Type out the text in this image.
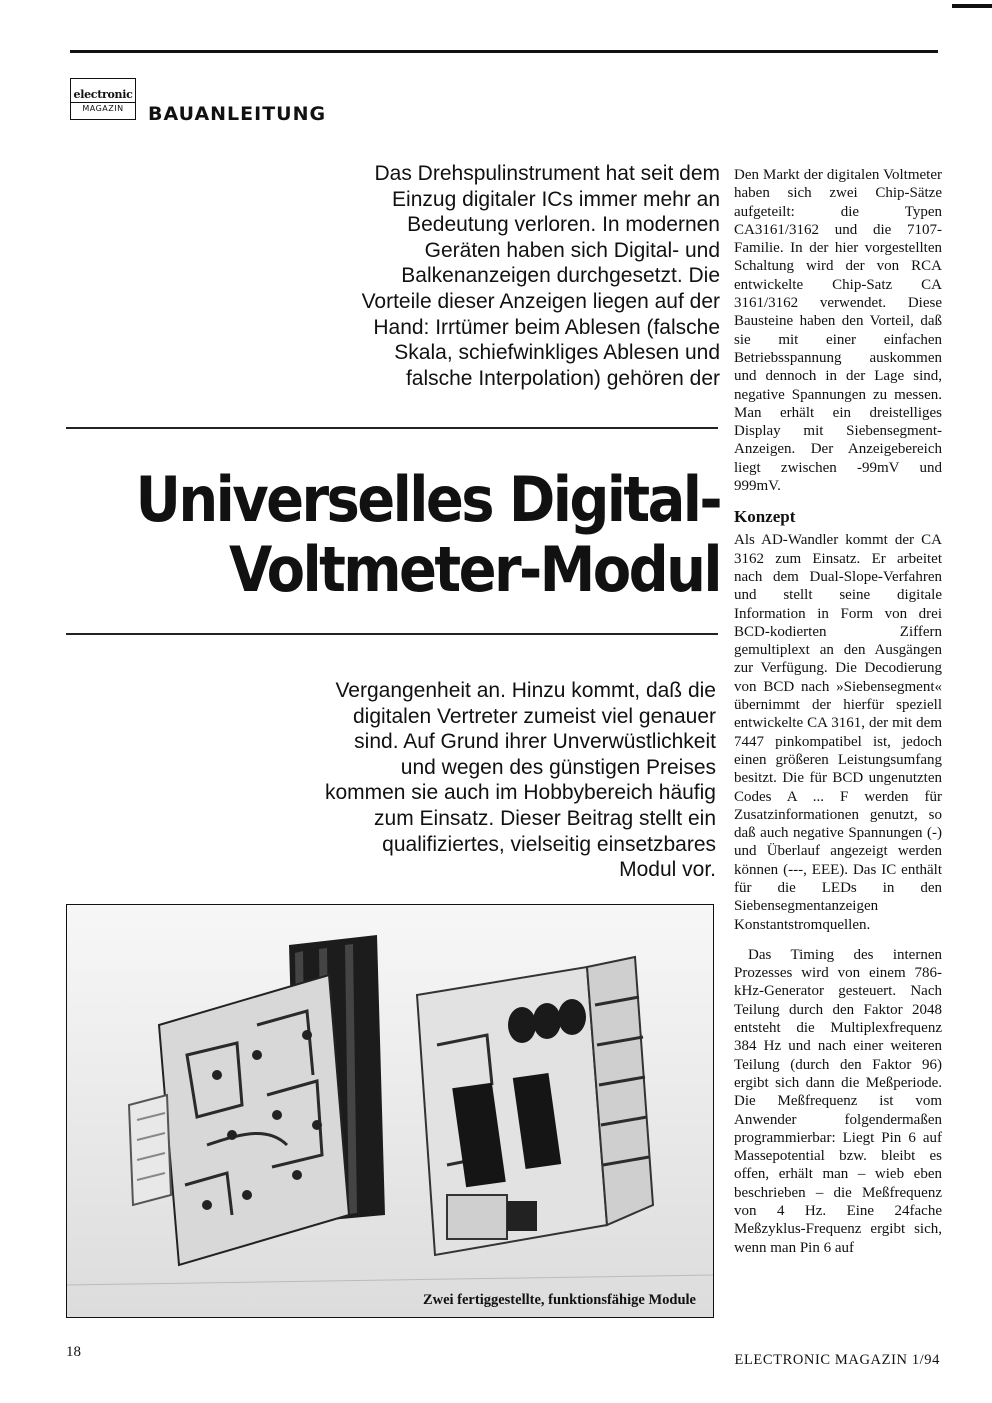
electronic
MAGAZIN	BAUANLEITUNG
Das Drehspulinstrument hat seit dem
Einzug digitaler ICs immer mehr an
Bedeutung verloren. In modernen
Geräten haben sich Digital- und
Balkenanzeigen durchgesetzt. Die
Vorteile dieser Anzeigen liegen auf der
Hand: Irrtümer beim Ablesen (falsche
Skala, schiefwinkliges Ablesen und
falsche Interpolation) gehören der
Universelles Digital-
Voltmeter-Modul
Vergangenheit an. Hinzu kommt, daß die
digitalen Vertreter zumeist viel genauer
sind. Auf Grund ihrer Unverwüstlichkeit
und wegen des günstigen Preises
kommen sie auch im Hobbybereich häufig
zum Einsatz. Dieser Beitrag stellt ein
qualifiziertes, vielseitig einsetzbares
Modul vor.

Den Markt der digitalen Voltmeter haben sich zwei Chip-Sätze aufgeteilt: die Typen CA3161/3162 und die 7107-Familie. In der hier vorgestellten Schaltung wird der von RCA entwickelte Chip-Satz CA 3161/3162 verwendet. Diese Bausteine haben den Vorteil, daß sie mit einer einfachen Betriebsspannung auskommen und dennoch in der Lage sind, negative Spannungen zu messen. Man erhält ein dreistelliges Display mit Siebensegment-Anzeigen. Der Anzeigebereich liegt zwischen -99mV und 999mV.

Konzept

Als AD-Wandler kommt der CA 3162 zum Einsatz. Er arbeitet nach dem Dual-Slope-Verfahren und stellt seine digitale Information in Form von drei BCD-kodierten Ziffern gemultiplext an den Ausgängen zur Verfügung. Die Decodierung von BCD nach »Siebensegment« übernimmt der hierfür speziell entwickelte CA 3161, der mit dem 7447 pinkompatibel ist, jedoch einen größeren Leistungsumfang besitzt. Die für BCD ungenutzten Codes A ... F werden für Zusatzinformationen genutzt, so daß auch negative Spannungen (-) und Überlauf angezeigt werden können (---, EEE). Das IC enthält für die LEDs in den Siebensegmentanzeigen Konstantstromquellen.

Das Timing des internen Prozesses wird von einem 786-kHz-Generator gesteuert. Nach Teilung durch den Faktor 2048 entsteht die Multiplexfrequenz 384 Hz und nach einer weiteren Teilung (durch den Faktor 96) ergibt sich dann die Meßperiode. Die Meßfrequenz ist vom Anwender folgendermaßen programmierbar: Liegt Pin 6 auf Massepotential bzw. bleibt es offen, erhält man – wieb eben beschrieben – die Meßfrequenz von 4 Hz. Eine 24fache Meßzyklus-Frequenz ergibt sich, wenn man Pin 6 auf

Zwei fertiggestellte, funktionsfähige Module
18	ELECTRONIC MAGAZIN 1/94
